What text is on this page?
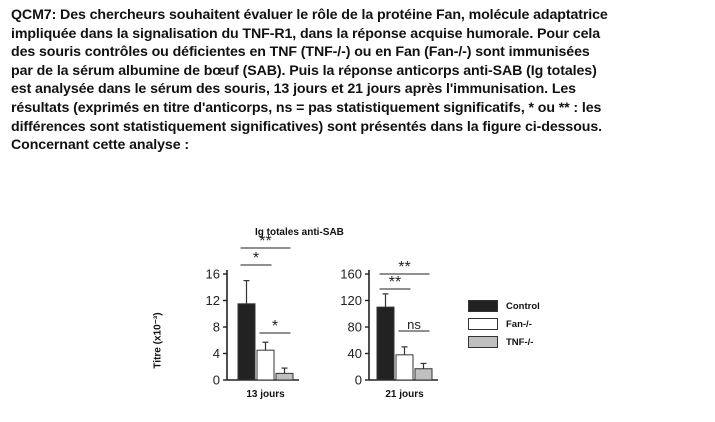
QCM7: Des chercheurs souhaitent évaluer le rôle de la protéine Fan, molécule adaptatrice
impliquée dans la signalisation du TNF-R1, dans la réponse acquise humorale. Pour cela
des souris contrôles ou déficientes en TNF (TNF-/-) ou en Fan (Fan-/-) sont immunisées
par de la sérum albumine de bœuf (SAB). Puis la réponse anticorps anti-SAB (Ig totales)
est analysée dans le sérum des souris, 13 jours et 21 jours après l'immunisation. Les
résultats (exprimés en titre d'anticorps, ns = pas statistiquement significatifs, * ou ** : les
différences sont statistiquement significatives) sont présentés dans la figure ci-dessous.
Concernant cette analyse :
Ig totales anti-SAB
Titre (x10⁻³)
0
4
8
12
16
13 jours
*
**
*
0
40
80
120
160
21 jours
**
**
ns
Control
Fan-/-
TNF-/-
